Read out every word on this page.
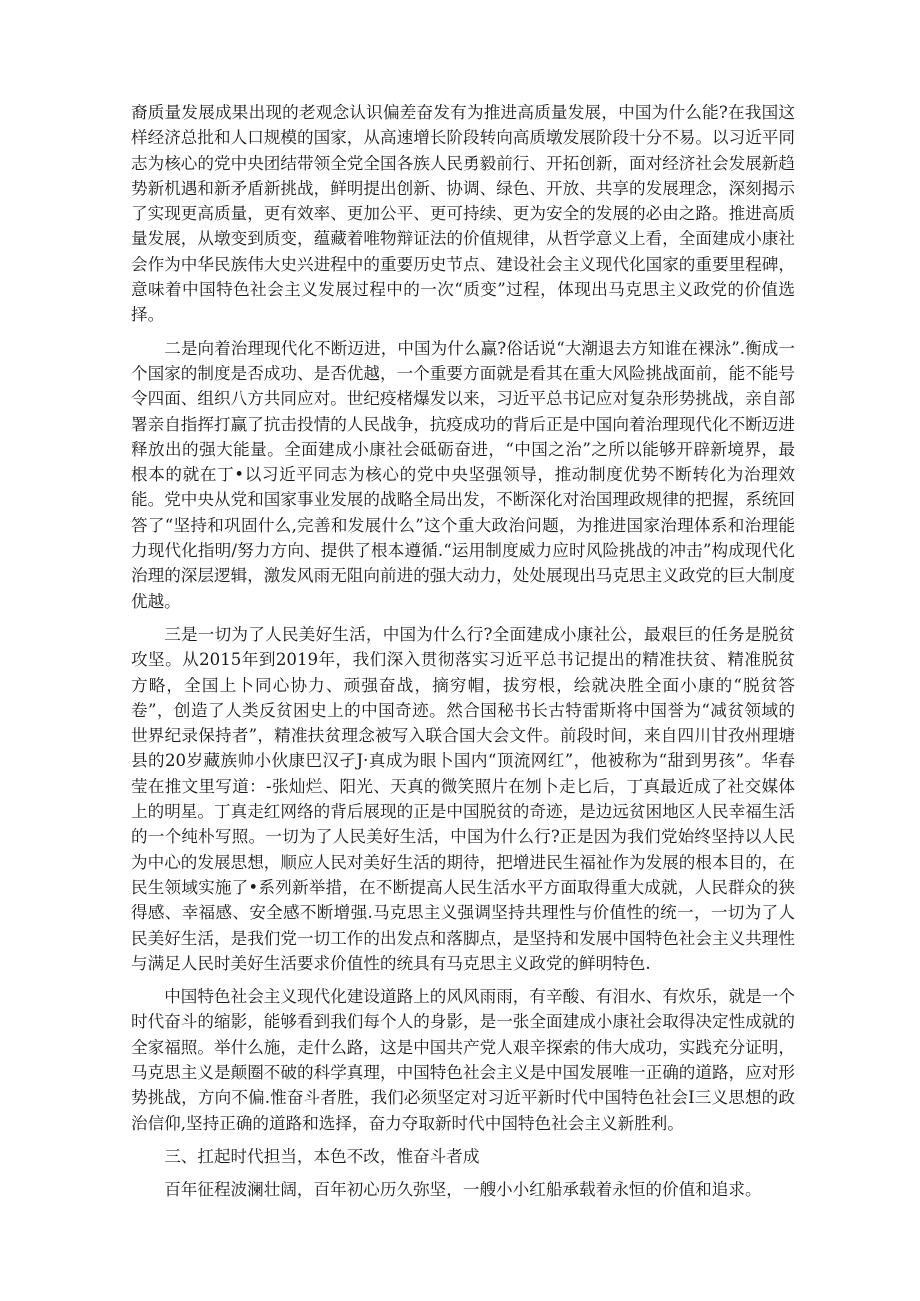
裔质量发展成果出现的老观念认识偏差奋发有为推进高质量发展，中国为什么能?在我国这样经济总批和人口规模的国家，从高速增长阶段转向高质墩发展阶段十分不易。以习近平同志为核心的党中央团结带领全党全国各族人民勇毅前行、开拓创新，面对经济社会发展新趋势新机遇和新矛盾新挑战，鲜明提出创新、协调、绿色、开放、共享的发展理念，深刻揭示了实现更高质量，更有效率、更加公平、更可持续、更为安全的发展的必由之路。推进高质量发展，从墩变到质变，蕴藏着唯物辩证法的价值规律，从哲学意义上看，全面建成小康社会作为中华民族伟大史兴进程中的重要历史节点、建设社会主义现代化国家的重要里程碑，意味着中国特色社会主义发展过程中的一次“质变”过程，体现出马克思主义政党的价值选择。

二是向着治理现代化不断迈进，中国为什么赢?俗话说“大潮退去方知谁在裸泳”.衡成一个国家的制度是否成功、是否优越，一个重要方面就是看其在重大风险挑战面前，能不能号令四面、组织八方共同应对。世纪疫楮爆发以来，习近平总书记应对复杂形势挑战，亲自部署亲自指挥打赢了抗击投情的人民战争，抗疫成功的背后正是中国向着治理现代化不断迈进释放出的强大能量。全面建成小康社会砥砺奋进，“中国之治”之所以能够开辟新境界，最根本的就在丁•以习近平同志为核心的党中央坚强领导，推动制度优势不断转化为治理效能。党中央从党和国家事业发展的战略全局出发，不断深化对治国理政规律的把握，系统回答了“坚持和巩固什么,完善和发展什么”这个重大政治问题，为推进国家治理体系和治理能力现代化指明/努力方向、提供了根本遵循.“运用制度威力应时风险挑战的冲击”构成现代化治理的深层逻辑，激发风雨无阻向前进的强大动力，处处展现出马克思主义政党的巨大制度优越。

三是一切为了人民美好生活，中国为什么行?全面建成小康社公，最艰巨的任务是脱贫攻坚。从2015年到2019年，我们深入贯彻落实习近平总书记提出的精准扶贫、精准脱贫方略，全国上卜同心协力、顽强奋战，摘穷帽，拔穷根，绘就决胜全面小康的“脱贫答卷”，创造了人类反贫困史上的中国奇迹。然合国秘书长古特雷斯将中国誉为“减贫领域的世界纪录保持者”，精准扶贫理念被写入联合国大会文件。前段时间，来自四川甘孜州理塘县的20岁藏族帅小伙康巴汉孑J·真成为眼卜国内“顶流网红”，他被称为“甜到男孩”。华春莹在推文里写道：-张灿烂、阳光、天真的微笑照片在刎卜走匕后，丁真最近成了社交媒体上的明星。丁真走红网络的背后展现的正是中国脱贫的奇迹，是边远贫困地区人民幸福生活的一个纯朴写照。一切为了人民美好生活，中国为什么行?正是因为我们党始终坚持以人民为中心的发展思想，顺应人民对美好生活的期待，把增进民生福祉作为发展的根本目的，在民生领域实施了•系列新举措，在不断提高人民生活水平方面取得重大成就，人民群众的狭得感、幸福感、安全感不断增强.马克思主义强调坚持共理性与价值性的统一，一切为了人民美好生活，是我们党一切工作的出发点和落脚点，是坚持和发展中国特色社会主义共理性与满足人民时美好生活要求价值性的统具有马克思主义政党的鲜明特色.

中国特色社会主义现代化建设道路上的风风雨雨，有辛酸、有泪水、有炊乐，就是一个时代奋斗的缩影，能够看到我们每个人的身影，是一张全面建成小康社会取得决定性成就的全家福照。举什么施，走什么路，这是中国共产党人艰辛探索的伟大成功，实践充分证明，马克思主义是颠圈不破的科学真理，中国特色社会主义是中国发展唯一正确的道路，应对形势挑战，方向不偏.惟奋斗者胜，我们必须坚定对习近平新时代中国特色社会I三义思想的政治信仰,坚持正确的道路和选择，奋力夺取新时代中国特色社会主义新胜利。

三、扛起时代担当，本色不改，惟奋斗者成

百年征程波澜壮阔，百年初心历久弥坚，一艘小小红船承载着永恒的价值和追求。
